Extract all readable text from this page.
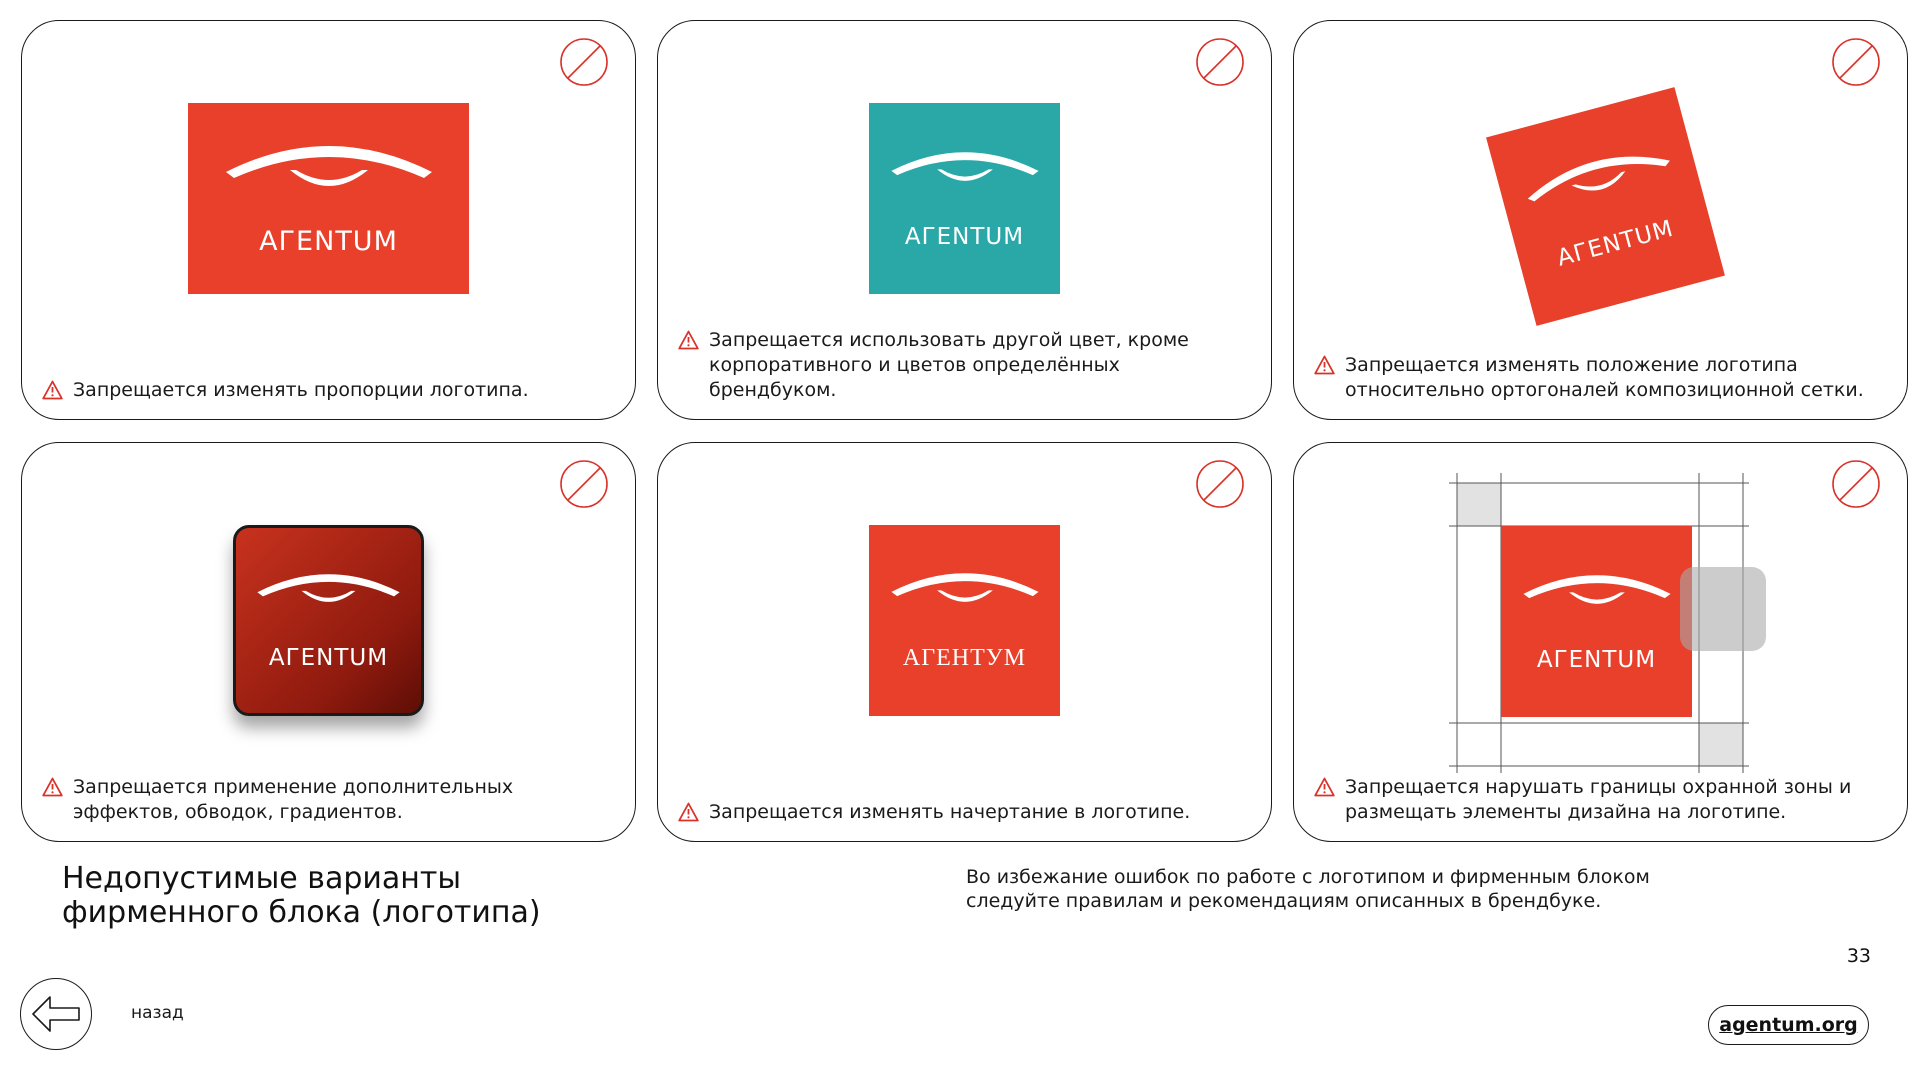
AГENTUM
Запрещается изменять пропорции логотипа.
AГENTUM
Запрещается использовать другой цвет, кроме корпоративного и цветов определённых брендбуком.
AГENTUM
Запрещается изменять положение логотипа относительно ортогоналей композиционной сетки.
AГENTUM
Запрещается применение дополнительных эффектов, обводок, градиентов.
АГЕНТУМ
Запрещается изменять начертание в логотипе.
AГENTUM
Запрещается нарушать границы охранной зоны и размещать элементы дизайна на логотипе.
Недопустимые варианты
фирменного блока (логотипа)
Во избежание ошибок по работе с логотипом и фирменным блоком следуйте правилам и рекомендациям описанных в брендбуке.
33
назад
agentum.org
